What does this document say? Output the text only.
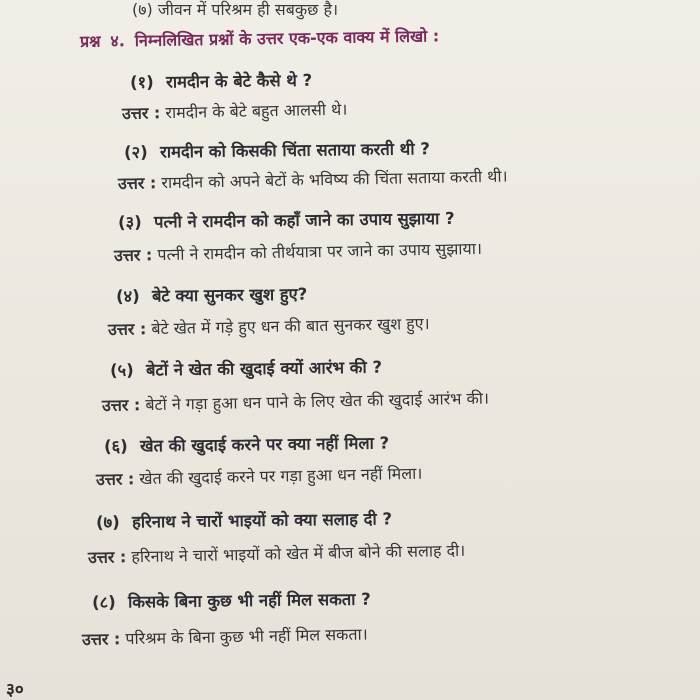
(७) जीवन में परिश्रम ही सबकुछ है।
प्रश्न ४. निम्नलिखित प्रश्नों के उत्तर एक-एक वाक्य में लिखो :
(१) रामदीन के बेटे कैसे थे ?
उत्तर : रामदीन के बेटे बहुत आलसी थे।
(२) रामदीन को किसकी चिंता सताया करती थी ?
उत्तर : रामदीन को अपने बेटों के भविष्य की चिंता सताया करती थी।
(३) पत्नी ने रामदीन को कहाँ जाने का उपाय सुझाया ?
उत्तर : पत्नी ने रामदीन को तीर्थयात्रा पर जाने का उपाय सुझाया।
(४) बेटे क्या सुनकर खुश हुए?
उत्तर : बेटे खेत में गड़े हुए धन की बात सुनकर खुश हुए।
(५) बेटों ने खेत की खुदाई क्यों आरंभ की ?
उत्तर : बेटों ने गड़ा हुआ धन पाने के लिए खेत की खुदाई आरंभ की।
(६) खेत की खुदाई करने पर क्या नहीं मिला ?
उत्तर : खेत की खुदाई करने पर गड़ा हुआ धन नहीं मिला।
(७) हरिनाथ ने चारों भाइयों को क्या सलाह दी ?
उत्तर : हरिनाथ ने चारों भाइयों को खेत में बीज बोने की सलाह दी।
(८) किसके बिना कुछ भी नहीं मिल सकता ?
उत्तर : परिश्रम के बिना कुछ भी नहीं मिल सकता।
३०
